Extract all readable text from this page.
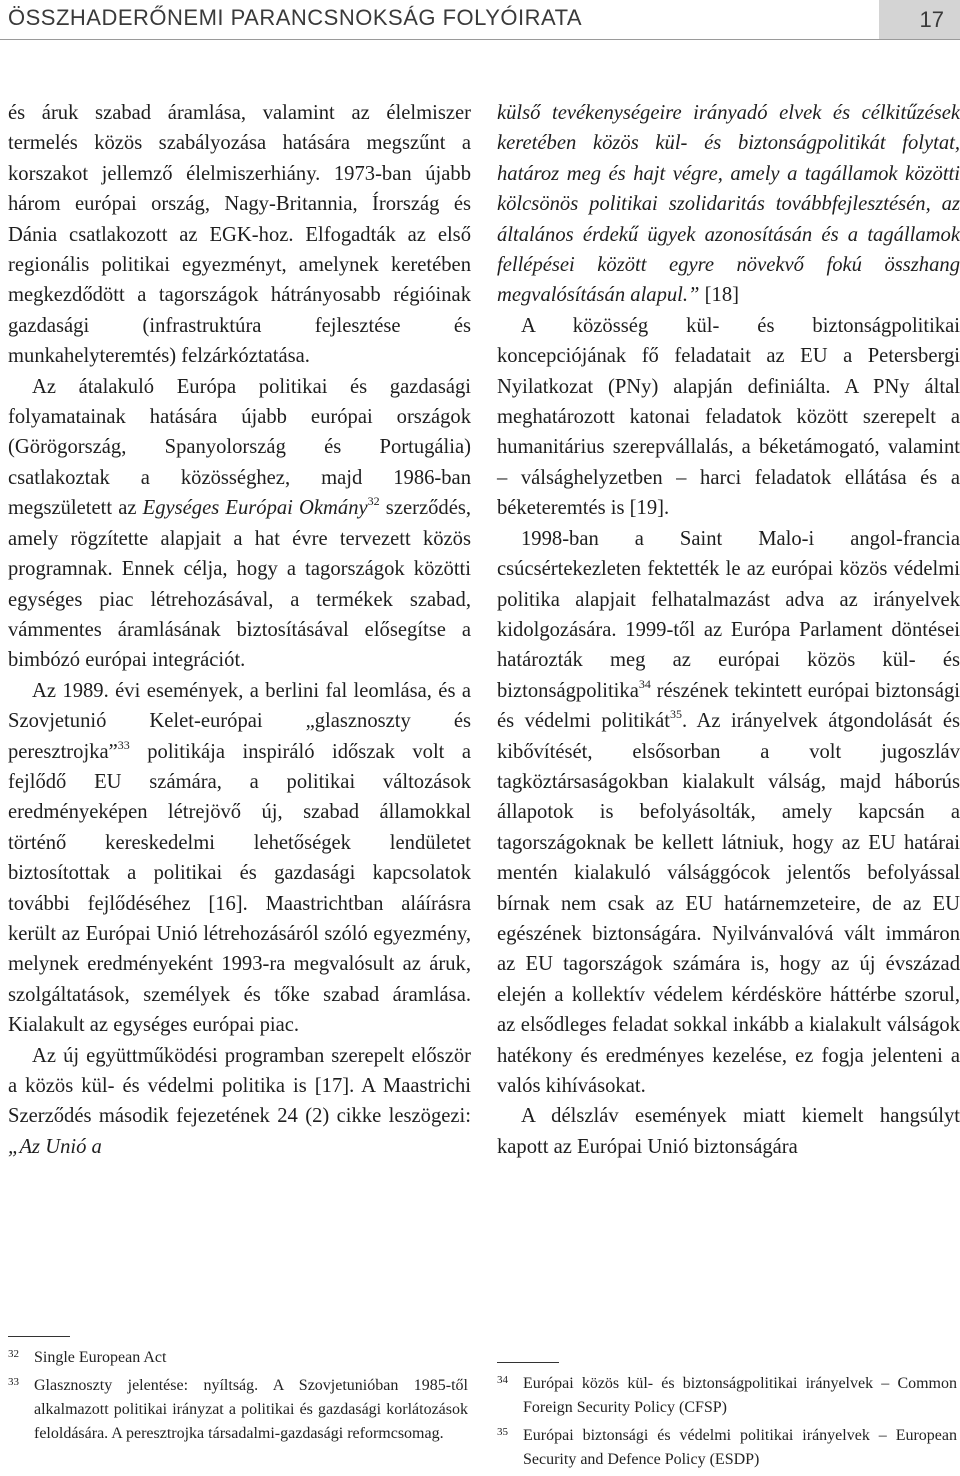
ÖSSZHADERŐNEMI PARANCSNOKSÁG FOLYÓIRATA	17

és áruk szabad áramlása, valamint az élelmiszer termelés közös szabályozása hatására megszűnt a korszakot jellemző élelmiszerhiány. 1973-ban újabb három európai ország, Nagy-Britannia, Írország és Dánia csatlakozott az EGK-hoz. Elfogadták az első regionális politikai egyezményt, amelynek keretében megkezdődött a tagországok hátrányosabb régióinak gazdasági (infrastruktúra fejlesztése és munkahelyteremtés) felzárkóztatása.

Az átalakuló Európa politikai és gazdasági folyamatainak hatására újabb európai országok (Görögország, Spanyolország és Portugália) csatlakoztak a közösséghez, majd 1986-ban megszületett az Egységes Európai Okmány$^{32}$ szerződés, amely rögzítette alapjait a hat évre tervezett közös programnak. Ennek célja, hogy a tagországok közötti egységes piac létrehozásával, a termékek szabad, vámmentes áramlásának biztosításával elősegítse a bimbózó európai integrációt.

Az 1989. évi események, a berlini fal leomlása, és a Szovjetunió Kelet-európai „glasznoszty és peresztrojka”$^{33}$ politikája inspiráló időszak volt a fejlődő EU számára, a politikai változások eredményeképen létrejövő új, szabad államokkal történő kereskedelmi lehetőségek lendületet biztosítottak a politikai és gazdasági kapcsolatok további fejlődéséhez [16]. Maastrichtban aláírásra került az Európai Unió létrehozásáról szóló egyezmény, melynek eredményeként 1993-ra megvalósult az áruk, szolgáltatások, személyek és tőke szabad áramlása. Kialakult az egységes európai piac.

Az új együttműködési programban szerepelt először a közös kül- és védelmi politika is [17]. A Maastrichi Szerződés második fejezetének 24 (2) cikke leszögezi: „Az Unió a

külső tevékenységeire irányadó elvek és célkitűzések keretében közös kül- és biztonságpolitikát folytat, határoz meg és hajt végre, amely a tagállamok közötti kölcsönös politikai szolidaritás továbbfejlesztésén, az általános érdekű ügyek azonosításán és a tagállamok fellépései között egyre növekvő fokú összhang megvalósításán alapul.” [18]

A közösség kül- és biztonságpolitikai koncepciójának fő feladatait az EU a Petersbergi Nyilatkozat (PNy) alapján definiálta. A PNy által meghatározott katonai feladatok között szerepelt a humanitárius szerepvállalás, a béketámogató, valamint – válsághelyzetben – harci feladatok ellátása és a béketeremtés is [19].

1998-ban a Saint Malo-i angol-francia csúcsértekezleten fektették le az európai közös védelmi politika alapjait felhatalmazást adva az irányelvek kidolgozására. 1999-től az Európa Parlament döntései határozták meg az európai közös kül- és biztonságpolitika$^{34}$ részének tekintett európai biztonsági és védelmi politikát$^{35}$. Az irányelvek átgondolását és kibővítését, elsősorban a volt jugoszláv tagköztársaságokban kialakult válság, majd háborús állapotok is befolyásolták, amely kapcsán a tagországoknak be kellett látniuk, hogy az EU határai mentén kialakuló válsággócok jelentős befolyással bírnak nem csak az EU határnemzeteire, de az EU egészének biztonságára. Nyilvánvalóvá vált immáron az EU tagországok számára is, hogy az új évszázad elején a kollektív védelem kérdésköre háttérbe szorul, az elsődleges feladat sokkal inkább a kialakult válságok hatékony és eredményes kezelése, ez fogja jelenteni a valós kihívásokat.

A délszláv események miatt kiemelt hangsúlyt kapott az Európai Unió biztonságára

32 Single European Act
33 Glasznoszty jelentése: nyíltság. A Szovjetunióban 1985-től alkalmazott politikai irányzat a politikai és gazdasági korlátozások feloldására. A peresztrojka társadalmi-gazdasági reformcsomag.
34 Európai közös kül- és biztonságpolitikai irányelvek – Common Foreign Security Policy (CFSP)
35 Európai biztonsági és védelmi politikai irányelvek – European Security and Defence Policy (ESDP)
